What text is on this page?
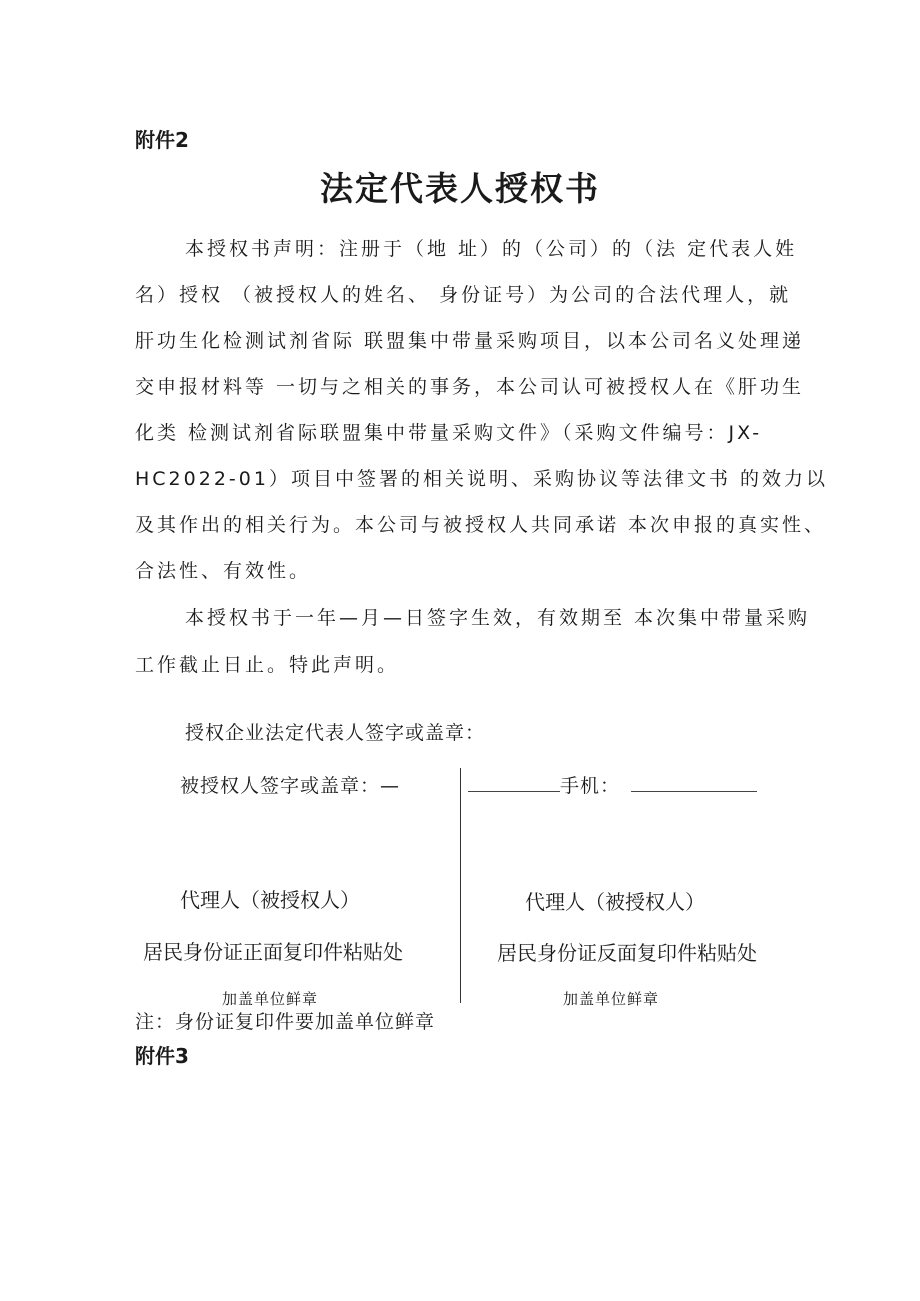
附件2
法定代表人授权书
本授权书声明：注册于（地 址）的（公司）的（法 定代表人姓
名）授权 （被授权人的姓名、 身份证号）为公司的合法代理人，就
肝功生化检测试剂省际 联盟集中带量采购项目，以本公司名义处理递
交申报材料等 一切与之相关的事务，本公司认可被授权人在《肝功生
化类 检测试剂省际联盟集中带量采购文件》（采购文件编号：JX-
HC2022-01）项目中签署的相关说明、采购协议等法律文书 的效力以
及其作出的相关行为。本公司与被授权人共同承诺 本次申报的真实性、
合法性、有效性。
本授权书于一年—月—日签字生效，有效期至 本次集中带量采购
工作截止日止。特此声明。
授权企业法定代表人签字或盖章：
被授权人签字或盖章：—	手机：
代理人（被授权人）
居民身份证正面复印件粘贴处
加盖单位鲜章
代理人（被授权人）
居民身份证反面复印件粘贴处
加盖单位鲜章
注：身份证复印件要加盖单位鲜章
附件3
